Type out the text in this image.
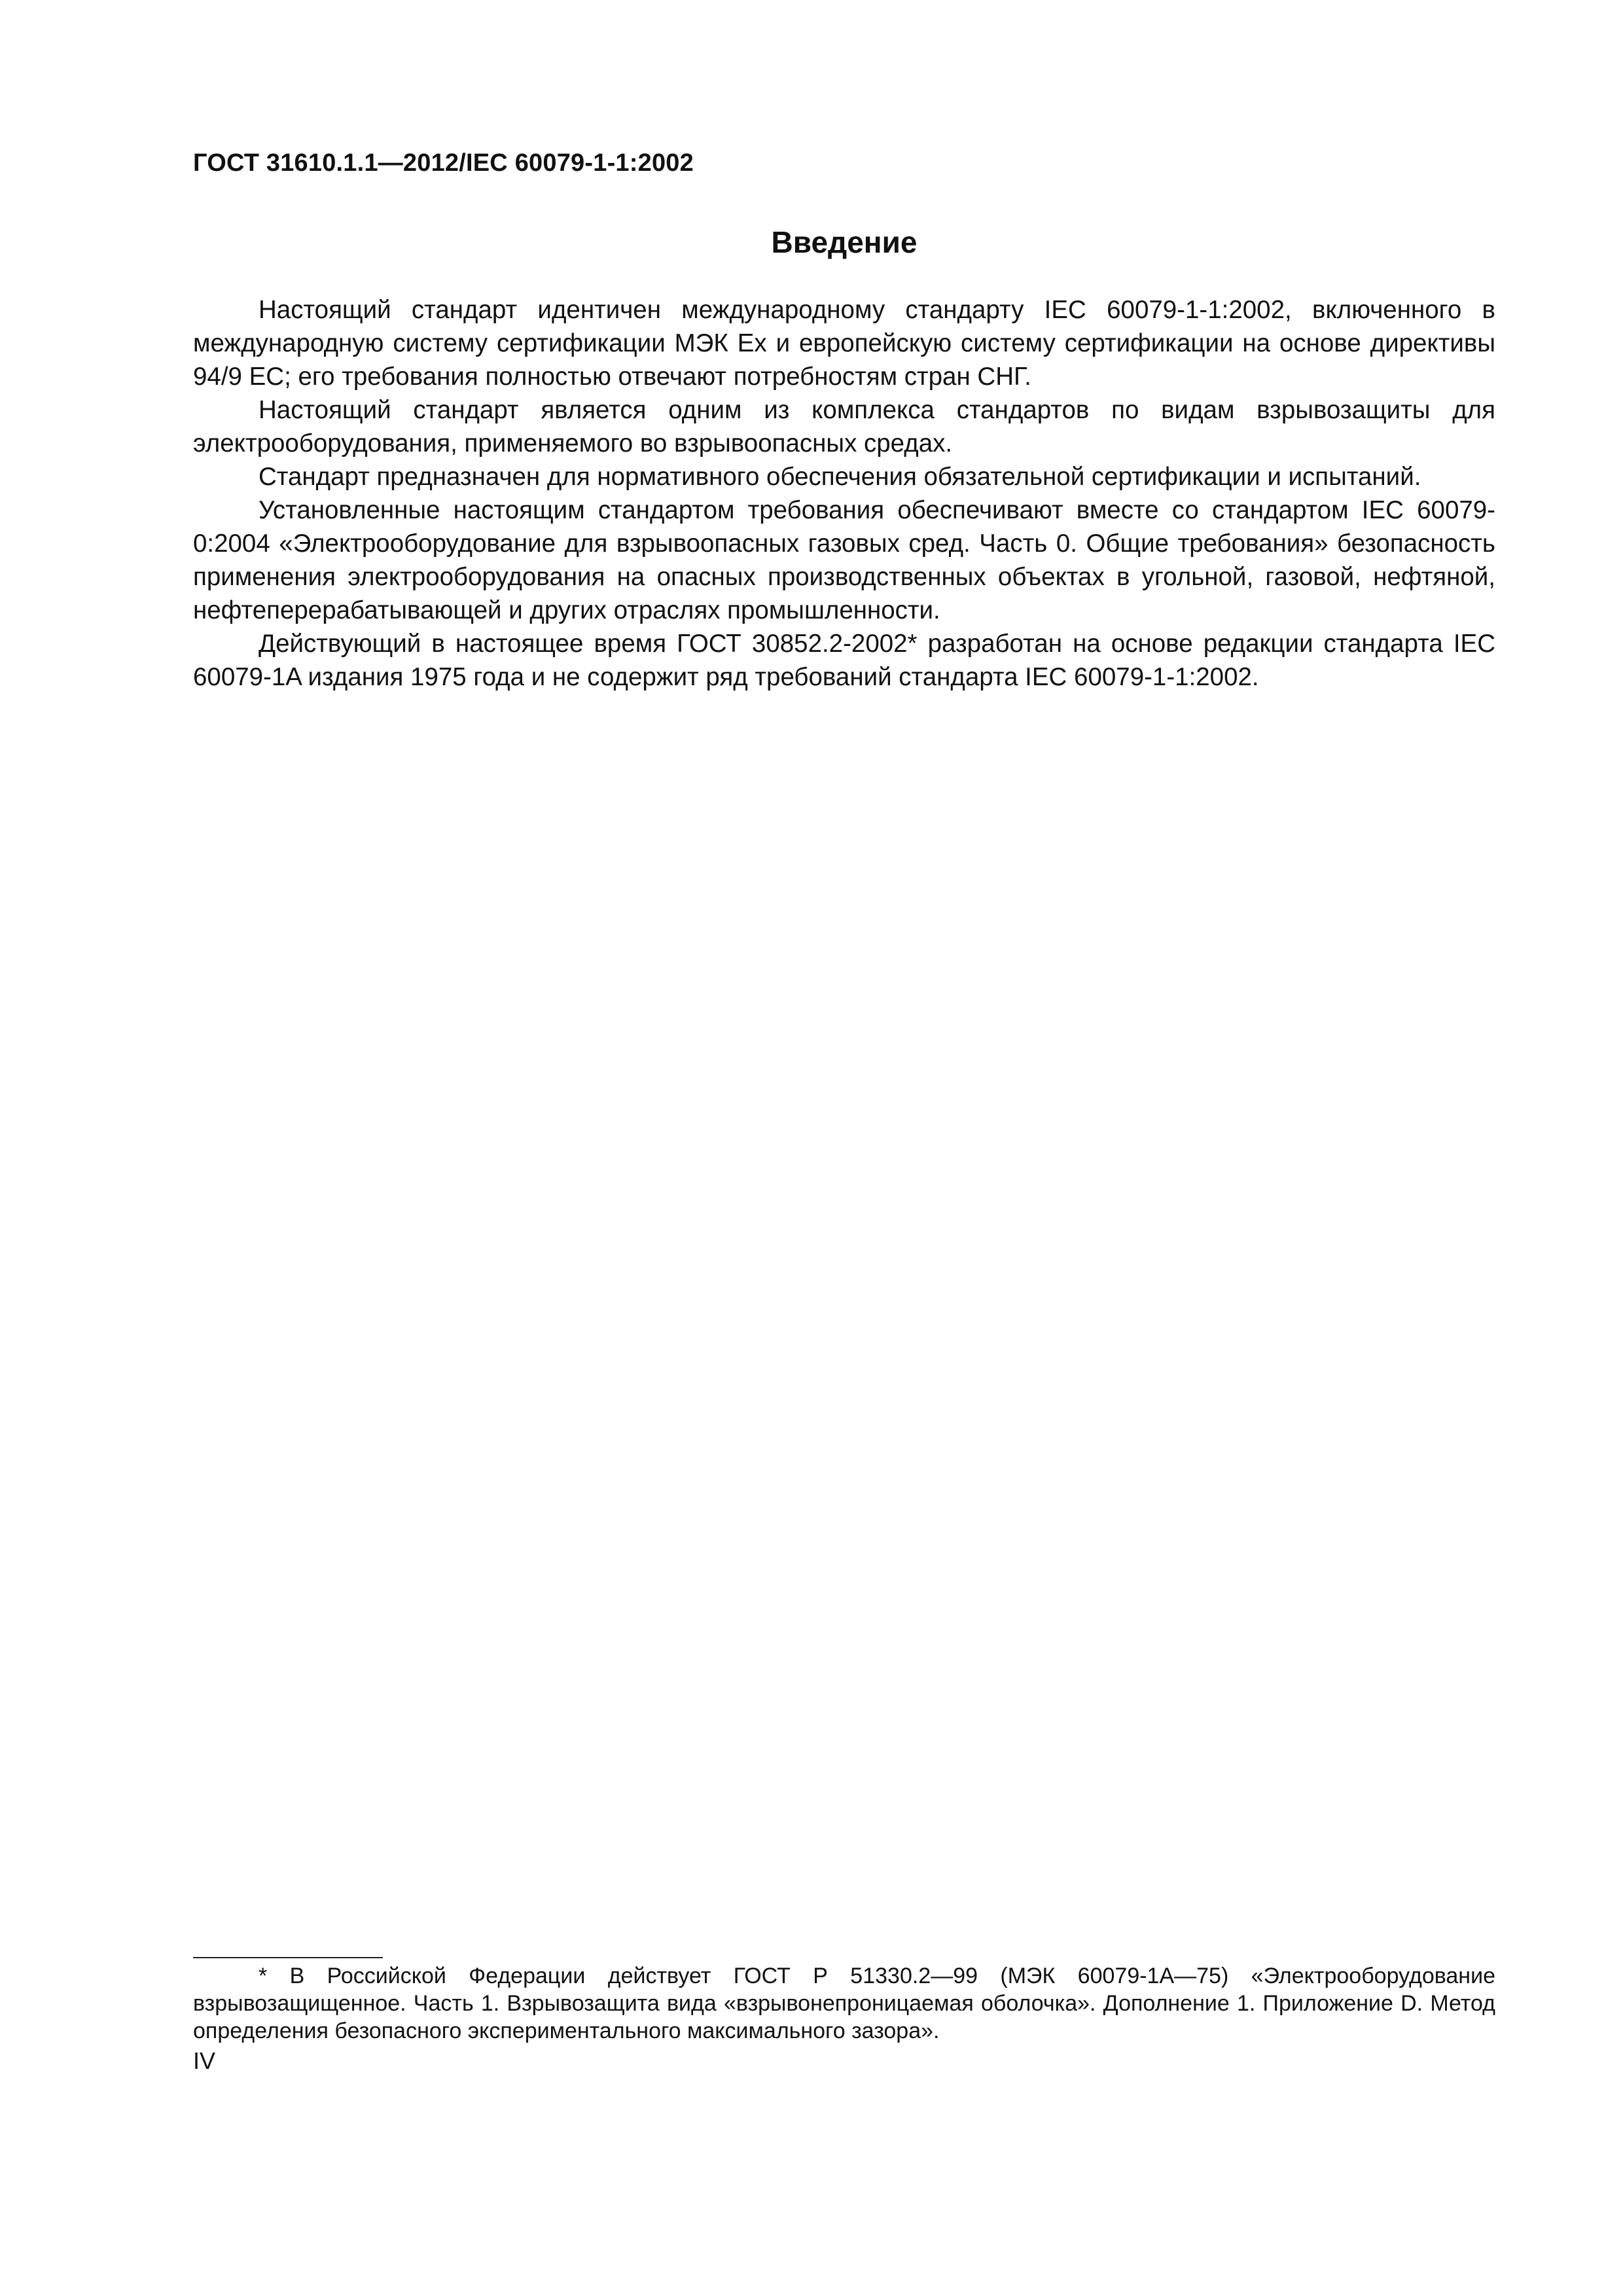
ГОСТ 31610.1.1—2012/IEC 60079-1-1:2002
Введение

Настоящий стандарт идентичен международному стандарту IEC 60079-1-1:2002, включенного в международную систему сертификации МЭК Ex и европейскую систему сертификации на основе директивы 94/9 ЕС; его требования полностью отвечают потребностям стран СНГ.

Настоящий стандарт является одним из комплекса стандартов по видам взрывозащиты для электрооборудования, применяемого во взрывоопасных средах.

Стандарт предназначен для нормативного обеспечения обязательной сертификации и испытаний.

Установленные настоящим стандартом требования обеспечивают вместе со стандартом IEC 60079-0:2004 «Электрооборудование для взрывоопасных газовых сред. Часть 0. Общие требования» безопасность применения электрооборудования на опасных производственных объектах в угольной, газовой, нефтяной, нефтеперерабатывающей и других отраслях промышленности.

Действующий в настоящее время ГОСТ 30852.2-2002* разработан на основе редакции стандарта IEC 60079-1A издания 1975 года и не содержит ряд требований стандарта IEC 60079-1-1:2002.

* В Российской Федерации действует ГОСТ Р 51330.2—99 (МЭК 60079-1А—75) «Электрооборудование взрывозащищенное. Часть 1. Взрывозащита вида «взрывонепроницаемая оболочка». Дополнение 1. Приложение D. Метод определения безопасного экспериментального максимального зазора».

IV
